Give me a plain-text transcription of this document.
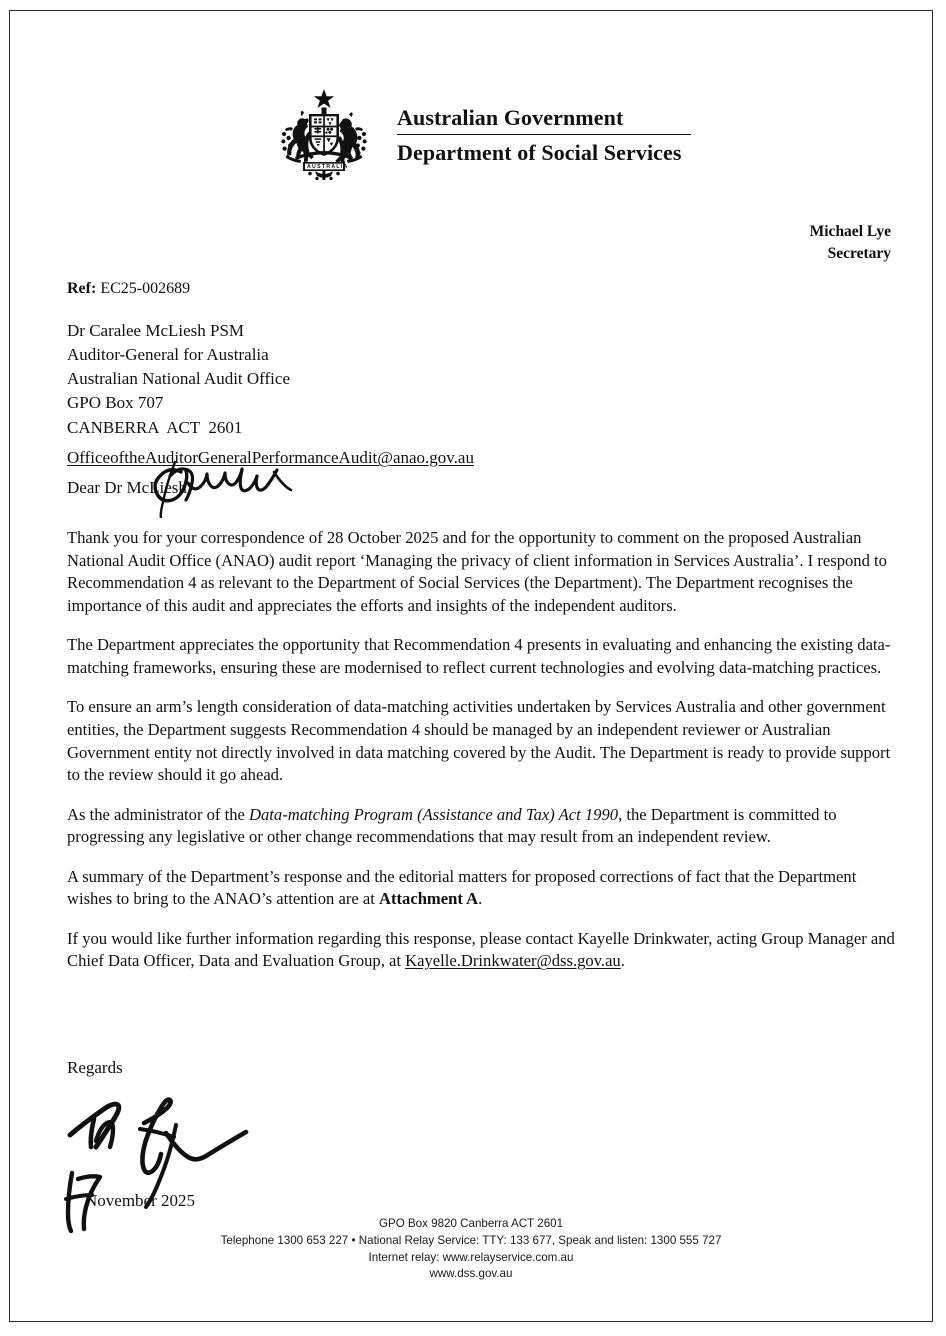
AUSTRALIA
Australian Government
Department of Social Services
Michael Lye
Secretary
Ref: EC25-002689
Dr Caralee McLiesh PSM
Auditor-General for Australia
Australian National Audit Office
GPO Box 707
CANBERRA  ACT  2601
OfficeoftheAuditorGeneralPerformanceAudit@anao.gov.au
Dear Dr McLiesh

Thank you for your correspondence of 28 October 2025 and for the opportunity to comment on the proposed Australian National Audit Office (ANAO) audit report ‘Managing the privacy of client information in Services Australia’. I respond to Recommendation 4 as relevant to the Department of Social Services (the Department). The Department recognises the importance of this audit and appreciates the efforts and insights of the independent auditors.

The Department appreciates the opportunity that Recommendation 4 presents in evaluating and enhancing the existing data-matching frameworks, ensuring these are modernised to reflect current technologies and evolving data-matching practices.

To ensure an arm’s length consideration of data-matching activities undertaken by Services Australia and other government entities, the Department suggests Recommendation 4 should be managed by an independent reviewer or Australian Government entity not directly involved in data matching covered by the Audit. The Department is ready to provide support to the review should it go ahead.

As the administrator of the Data-matching Program (Assistance and Tax) Act 1990, the Department is committed to progressing any legislative or other change recommendations that may result from an independent review.

A summary of the Department’s response and the editorial matters for proposed corrections of fact that the Department wishes to bring to the ANAO’s attention are at Attachment A.

If you would like further information regarding this response, please contact Kayelle Drinkwater, acting Group Manager and Chief Data Officer, Data and Evaluation Group, at Kayelle.Drinkwater@dss.gov.au.

Regards
November 2025
GPO Box 9820 Canberra ACT 2601
Telephone 1300 653 227 • National Relay Service: TTY: 133 677, Speak and listen: 1300 555 727
Internet relay: www.relayservice.com.au
www.dss.gov.au
